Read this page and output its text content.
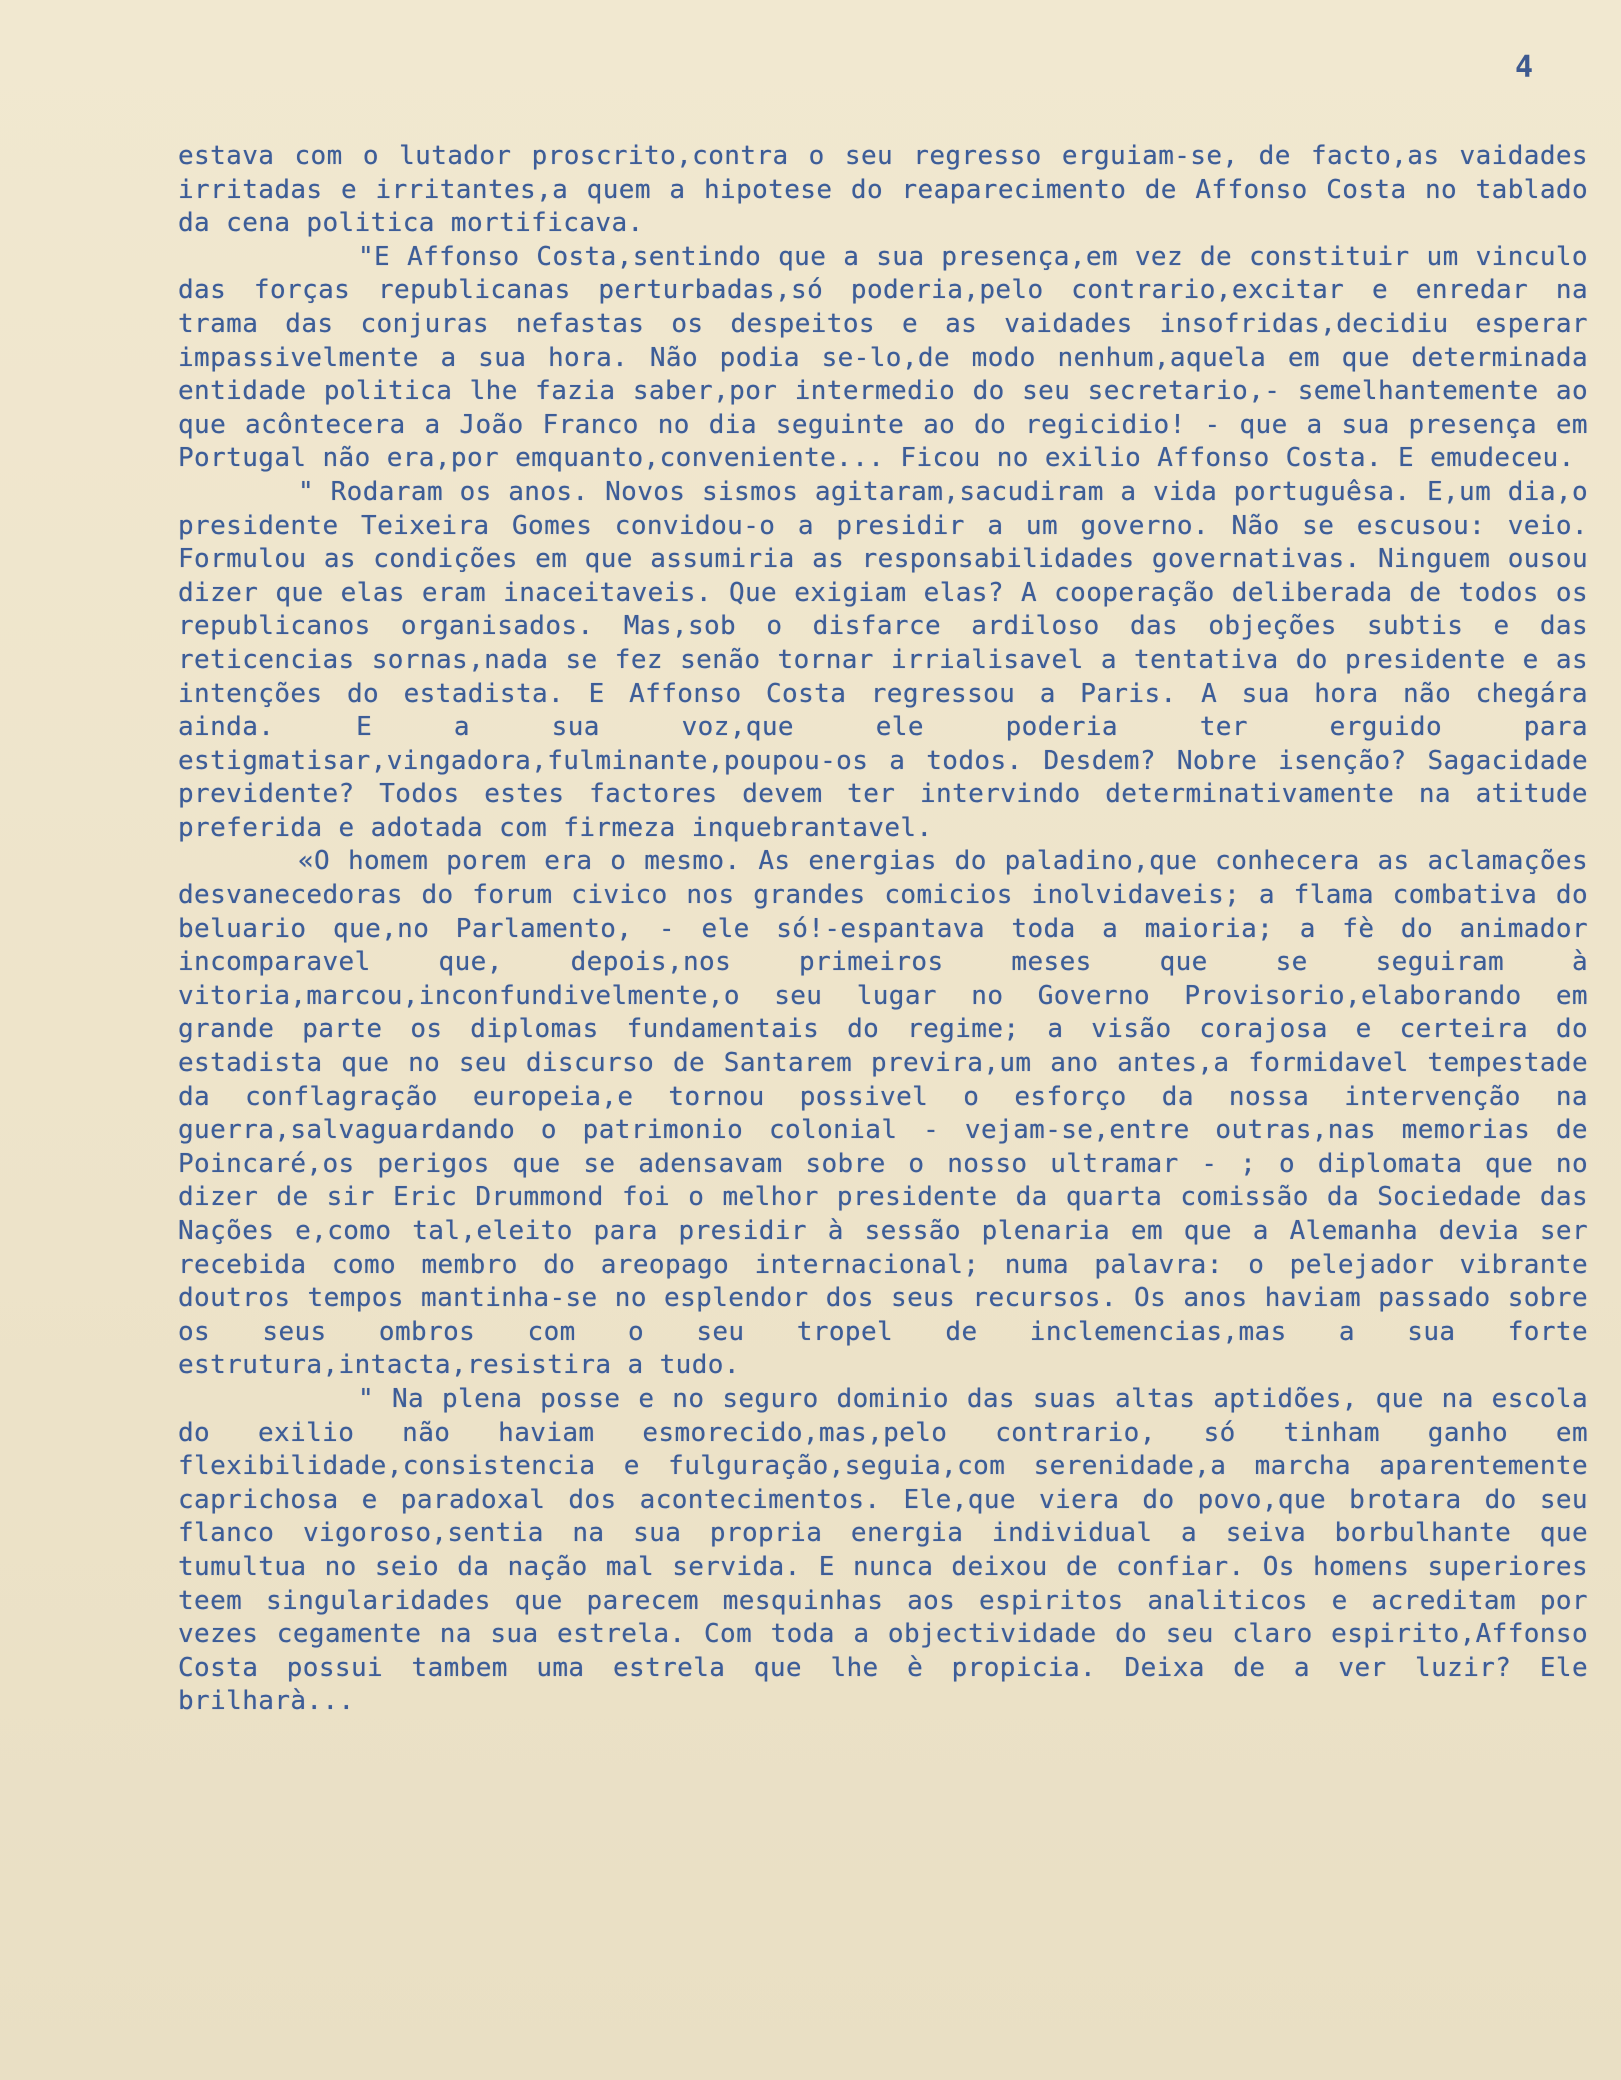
4

estava com o lutador proscrito,contra o seu regresso erguiam-se, de facto,as vaidades irritadas e irritantes,a quem a hipotese do reaparecimento de Affonso Costa no tablado da cena politica mortificava.

"E Affonso Costa,sentindo que a sua presença,em vez de constituir um vinculo das forças republicanas perturbadas,só poderia,pelo contrario,excitar e enredar na trama das conjuras nefastas os despeitos e as vaidades insofridas,decidiu esperar impassivelmente a sua hora. Não podia se-lo,de modo nenhum,aquela em que determinada entidade politica lhe fazia saber,por intermedio do seu secretario,- semelhantemente ao que acôntecera a João Franco no dia seguinte ao do regicidio! - que a sua presença em Portugal não era,por emquanto,conveniente... Ficou no exilio Affonso Costa. E emudeceu.

" Rodaram os anos. Novos sismos agitaram,sacudiram a vida portuguêsa. E,um dia,o presidente Teixeira Gomes convidou-o a presidir a um governo. Não se escusou: veio. Formulou as condições em que assumiria as responsabilidades governativas. Ninguem ousou dizer que elas eram inaceitaveis. Que exigiam elas? A cooperação deliberada de todos os republicanos organisados. Mas,sob o disfarce ardiloso das objeções subtis e das reticencias sornas,nada se fez senão tornar irrialisavel a tentativa do presidente e as intenções do estadista. E Affonso Costa regressou a Paris. A sua hora não chegára ainda. E a sua voz,que ele poderia ter erguido para estigmatisar,vingadora,fulminante,poupou-os a todos. Desdem? Nobre isenção? Sagacidade previdente? Todos estes factores devem ter intervindo determinativamente na atitude preferida e adotada com firmeza inquebrantavel.

«O homem porem era o mesmo. As energias do paladino,que conhecera as aclamações desvanecedoras do forum civico nos grandes comicios inolvidaveis; a flama combativa do beluario que,no Parlamento, - ele só!-espantava toda a maioria; a fè do animador incomparavel que, depois,nos primeiros meses que se seguiram à vitoria,marcou,inconfundivelmente,o seu lugar no Governo Provisorio,elaborando em grande parte os diplomas fundamentais do regime; a visão corajosa e certeira do estadista que no seu discurso de Santarem previra,um ano antes,a formidavel tempestade da conflagração europeia,e tornou possivel o esforço da nossa intervenção na guerra,salvaguardando o patrimonio colonial - vejam-se,entre outras,nas memorias de Poincaré,os perigos que se adensavam sobre o nosso ultramar - ; o diplomata que no dizer de sir Eric Drummond foi o melhor presidente da quarta comissão da Sociedade das Nações e,como tal,eleito para presidir à sessão plenaria em que a Alemanha devia ser recebida como membro do areopago internacional; numa palavra: o pelejador vibrante doutros tempos mantinha-se no esplendor dos seus recursos. Os anos haviam passado sobre os seus ombros com o seu tropel de inclemencias,mas a sua forte estrutura,intacta,resistira a tudo.

" Na plena posse e no seguro dominio das suas altas aptidões, que na escola do exilio não haviam esmorecido,mas,pelo contrario, só tinham ganho em flexibilidade,consistencia e fulguração,seguia,com serenidade,a marcha aparentemente caprichosa e paradoxal dos acontecimentos. Ele,que viera do povo,que brotara do seu flanco vigoroso,sentia na sua propria energia individual a seiva borbulhante que tumultua no seio da nação mal servida. E nunca deixou de confiar. Os homens superiores teem singularidades que parecem mesquinhas aos espiritos analiticos e acreditam por vezes cegamente na sua estrela. Com toda a objectividade do seu claro espirito,Affonso Costa possui tambem uma estrela que lhe è propicia. Deixa de a ver luzir? Ele brilharà...
